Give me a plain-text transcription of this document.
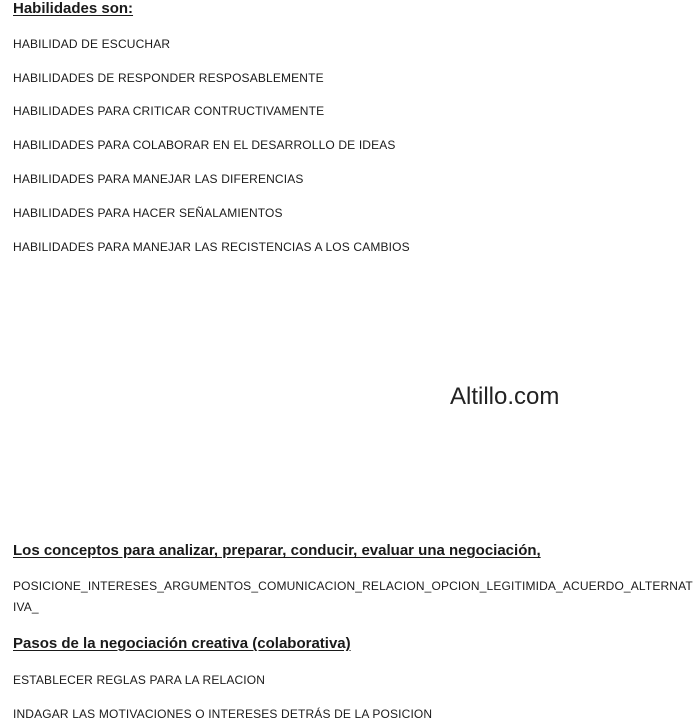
Habilidades son:

HABILIDAD DE ESCUCHAR

HABILIDADES DE RESPONDER RESPOSABLEMENTE

HABILIDADES PARA CRITICAR CONTRUCTIVAMENTE

HABILIDADES PARA COLABORAR EN EL DESARROLLO DE IDEAS

HABILIDADES PARA MANEJAR LAS DIFERENCIAS

HABILIDADES PARA HACER SEÑALAMIENTOS

HABILIDADES PARA MANEJAR LAS RECISTENCIAS A LOS CAMBIOS

Altillo.com

Los conceptos para analizar, preparar, conducir, evaluar una negociación,

POSICIONE_INTERESES_ARGUMENTOS_COMUNICACION_RELACION_OPCION_LEGITIMIDA_ACUERDO_ALTERNATIVA_

Pasos de la negociación creativa (colaborativa)

ESTABLECER REGLAS PARA LA RELACION

INDAGAR LAS MOTIVACIONES O INTERESES DETRÁS DE LA POSICION
